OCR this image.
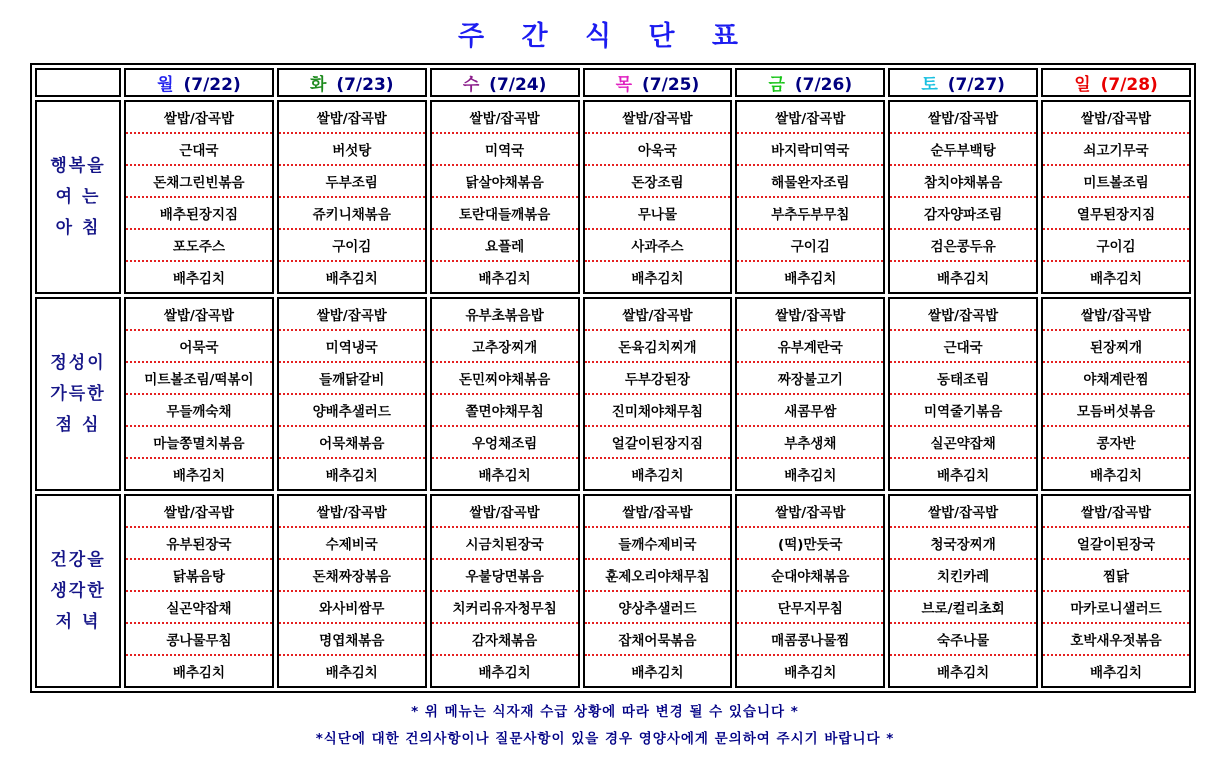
주 간 식 단 표
	월 (7/22)	화 (7/23)	수 (7/24)	목 (7/25)	금 (7/26)	토 (7/27)	일 (7/28)

행복을
여 는
아 침

쌀밥/잡곡밥
근대국
돈채그린빈볶음
배추된장지짐
포도주스
배추김치

쌀밥/잡곡밥
버섯탕
두부조림
쥬키니채볶음
구이김
배추김치

쌀밥/잡곡밥
미역국
닭살야채볶음
토란대들깨볶음
요플레
배추김치

쌀밥/잡곡밥
아욱국
돈장조림
무나물
사과주스
배추김치

쌀밥/잡곡밥
바지락미역국
해물완자조림
부추두부무침
구이김
배추김치

쌀밥/잡곡밥
순두부백탕
참치야채볶음
감자양파조림
검은콩두유
배추김치

쌀밥/잡곡밥
쇠고기무국
미트볼조림
열무된장지짐
구이김
배추김치

정성이
가득한
점 심

쌀밥/잡곡밥
어묵국
미트볼조림/떡볶이
무들깨숙채
마늘쫑멸치볶음
배추김치

쌀밥/잡곡밥
미역냉국
들깨닭갈비
양배추샐러드
어묵채볶음
배추김치

유부초볶음밥
고추장찌개
돈민찌야채볶음
쫄면야채무침
우엉채조림
배추김치

쌀밥/잡곡밥
돈육김치찌개
두부강된장
진미채야채무침
얼갈이된장지짐
배추김치

쌀밥/잡곡밥
유부계란국
짜장불고기
새콤무쌈
부추생채
배추김치

쌀밥/잡곡밥
근대국
동태조림
미역줄기볶음
실곤약잡채
배추김치

쌀밥/잡곡밥
된장찌개
야채계란찜
모듬버섯볶음
콩자반
배추김치

건강을
생각한
저 녁

쌀밥/잡곡밥
유부된장국
닭볶음탕
실곤약잡채
콩나물무침
배추김치

쌀밥/잡곡밥
수제비국
돈채짜장볶음
와사비쌈무
명엽채볶음
배추김치

쌀밥/잡곡밥
시금치된장국
우불당면볶음
치커리유자청무침
감자채볶음
배추김치

쌀밥/잡곡밥
들깨수제비국
훈제오리야채무침
양상추샐러드
잡채어묵볶음
배추김치

쌀밥/잡곡밥
(떡)만둣국
순대야채볶음
단무지무침
매콤콩나물찜
배추김치

쌀밥/잡곡밥
청국장찌개
치킨카레
브로/컬리초회
숙주나물
배추김치

쌀밥/잡곡밥
얼갈이된장국
찜닭
마카로니샐러드
호박새우젓볶음
배추김치
* 위 메뉴는 식자재 수급 상황에 따라 변경 될 수 있습니다 *
*식단에 대한 건의사항이나 질문사항이 있을 경우 영양사에게 문의하여 주시기 바랍니다 *
